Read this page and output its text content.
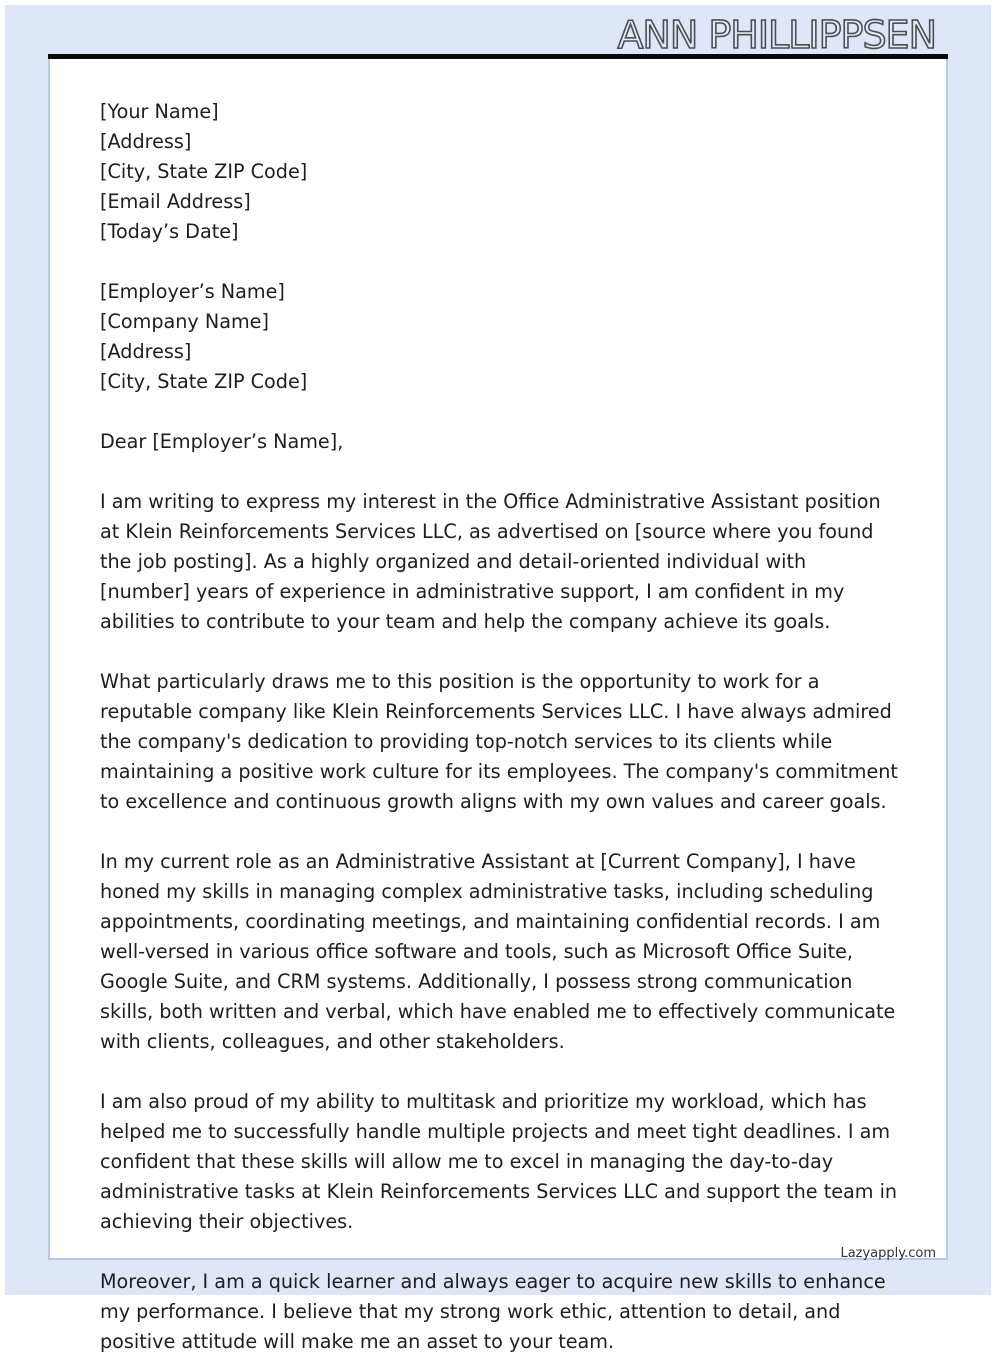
ANN PHILLIPPSEN
[Your Name]
[Address]
[City, State ZIP Code]
[Email Address]
[Today’s Date]
[Employer’s Name]
[Company Name]
[Address]
[City, State ZIP Code]
Dear [Employer’s Name],

I am writing to express my interest in the Office Administrative Assistant position at Klein Reinforcements Services LLC, as advertised on [source where you found the job posting]. As a highly organized and detail-oriented individual with [number] years of experience in administrative support, I am confident in my abilities to contribute to your team and help the company achieve its goals.

What particularly draws me to this position is the opportunity to work for a reputable company like Klein Reinforcements Services LLC. I have always admired the company's dedication to providing top-notch services to its clients while maintaining a positive work culture for its employees. The company's commitment to excellence and continuous growth aligns with my own values and career goals.

In my current role as an Administrative Assistant at [Current Company], I have honed my skills in managing complex administrative tasks, including scheduling appointments, coordinating meetings, and maintaining confidential records. I am well-versed in various office software and tools, such as Microsoft Office Suite, Google Suite, and CRM systems. Additionally, I possess strong communication skills, both written and verbal, which have enabled me to effectively communicate with clients, colleagues, and other stakeholders.

I am also proud of my ability to multitask and prioritize my workload, which has helped me to successfully handle multiple projects and meet tight deadlines. I am confident that these skills will allow me to excel in managing the day-to-day administrative tasks at Klein Reinforcements Services LLC and support the team in achieving their objectives.

Moreover, I am a quick learner and always eager to acquire new skills to enhance my performance. I believe that my strong work ethic, attention to detail, and positive attitude will make me an asset to your team.

Lazyapply.com
